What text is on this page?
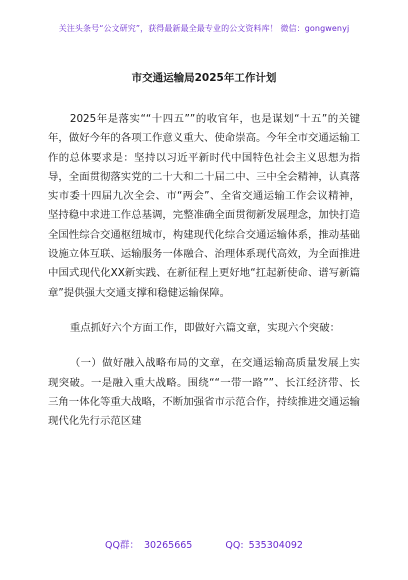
关注头条号“公文研究”，获得最新最全最专业的公文资料库！ 微信：gongwenyj
市交通运输局2025年工作计划

2025年是落实““十四五””的收官年，也是谋划“十五”的关键年，做好今年的各项工作意义重大、使命崇高。今年全市交通运输工作的总体要求是：坚持以习近平新时代中国特色社会主义思想为指导，全面贯彻落实党的二十大和二十届二中、三中全会精神，认真落实市委十四届九次全会、市“两会”、全省交通运输工作会议精神，坚持稳中求进工作总基调，完整准确全面贯彻新发展理念，加快打造全国性综合交通枢纽城市，构建现代化综合交通运输体系，推动基础设施立体互联、运输服务一体融合、治理体系现代高效，为全面推进中国式现代化XX新实践、在新征程上更好地“扛起新使命、谱写新篇章”提供强大交通支撑和稳健运输保障。

重点抓好六个方面工作，即做好六篇文章，实现六个突破：

（一）做好融入战略布局的文章，在交通运输高质量发展上实现突破。一是融入重大战略。围绕““一带一路””、长江经济带、长三角一体化等重大战略，不断加强省市示范合作，持续推进交通运输现代化先行示范区建

QQ群： 30265665	QQ: 535304092
